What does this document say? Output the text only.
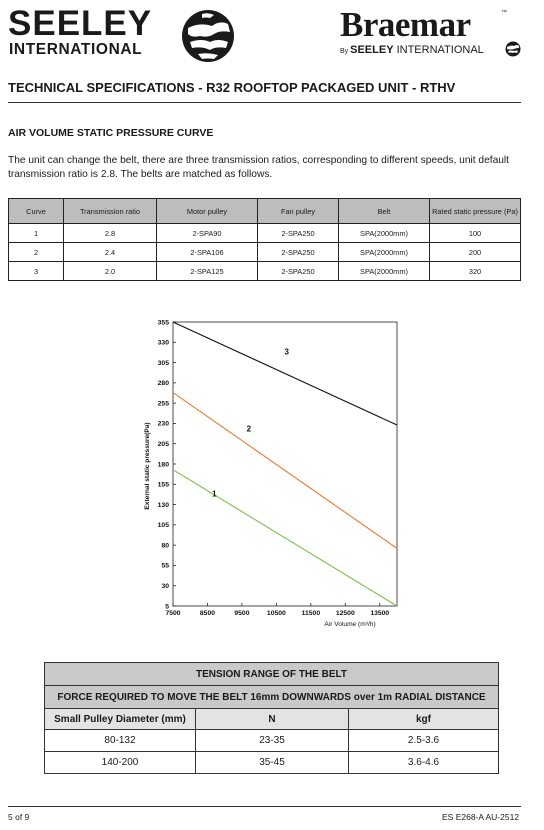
SEELEY
INTERNATIONAL
Braemar	™
By SEELEY INTERNATIONAL
TECHNICAL SPECIFICATIONS - R32 ROOFTOP PACKAGED UNIT - RTHV
AIR VOLUME STATIC PRESSURE CURVE
The unit can change the belt, there are three transmission ratios, corresponding to different speeds, unit default transmission ratio is 2.8. The belts are matched as follows.
Curve	Transmission ratio	Motor pulley	Fan pulley	Belt	Rated static pressure (Pa)
1	2.8	2-SPA90	2-SPA250	SPA(2000mm)	100
2	2.4	2-SPA106	2-SPA250	SPA(2000mm)	200
3	2.0	2-SPA125	2-SPA250	SPA(2000mm)	320
5
30
55
80
105
130
155
180
205
230
255
280
305
330
355
7500	8500	9500	10500 11500 12500 13500
1
2
3
External static pressure(Pa)
Air Volume (m³/h)
TENSION RANGE OF THE BELT		
FORCE REQUIRED TO MOVE THE BELT 16mm DOWNWARDS over 1m RADIAL DISTANCE		
Small Pulley Diameter (mm)	N	kgf
80-132	23-35	2.5-3.6
140-200	35-45	3.6-4.6
5 of 9	ES E268-A AU-2512
